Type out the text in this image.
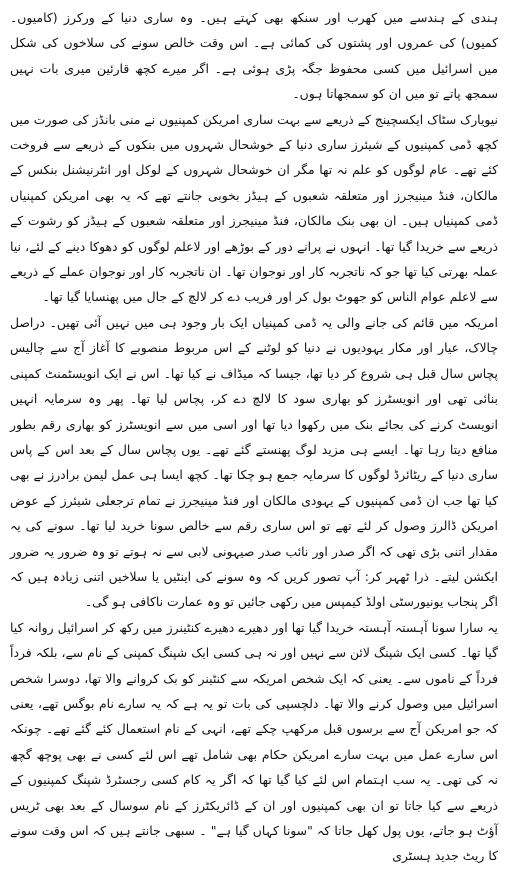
ہندی کے ہندسے میں کھرب اور سنکھ بھی کہتے ہیں۔ وہ ساری دنیا کے ورکرز (کامیوں۔ کمیوں) کی عمروں اور پشتوں کی کمائی ہے۔ اس وقت خالص سونے کی سلاخوں کی شکل میں اسرائیل میں کسی محفوظ جگہ پڑی ہوئی ہے۔ اگر میرے کچھ قارئین میری بات نہیں سمجھ پاتے تو میں ان کو سمجھاتا ہوں۔

نیویارک سٹاک ایکسچینج کے ذریعے سے بہت ساری امریکن کمپنیوں نے منی بانڈز کی صورت میں کچھ ڈمی کمپنیوں کے شیئرز ساری دنیا کے خوشحال شہروں میں بنکوں کے ذریعے سے فروخت کئے تھے۔ عام لوگوں کو علم نہ تھا مگر ان خوشحال شہروں کے لوکل اور انٹرنیشنل بنکس کے مالکان، فنڈ مینیجرز اور متعلقہ شعبوں کے ہیڈز بخوبی جانتے تھے کہ یہ بھی امریکن کمپنیاں ڈمی کمپنیاں ہیں۔ ان بھی بنک مالکان، فنڈ مینیجرز اور متعلقہ شعبوں کے ہیڈز کو رشوت کے ذریعے سے خریدا گیا تھا۔ انہوں نے پرانے دور کے بوڑھے اور لاعلم لوگوں کو دھوکا دینے کے لئے، نیا عملہ بھرتی کیا تھا جو کہ ناتجربہ کار اور نوجوان تھا۔ ان ناتجربہ کار اور نوجوان عملے کے ذریعے سے لاعلم عوام الناس کو جھوٹ بول کر اور فریب دے کر لالچ کے جال میں پھنسایا گیا تھا۔

امریکہ میں قائم کی جانے والی یہ ڈمی کمپنیاں ایک بار وجود ہی میں نہیں آئی تھیں۔ دراصل چالاک، عیار اور مکار یہودیوں نے دنیا کو لوٹنے کے اس مربوط منصوبے کا آغاز آج سے چالیس پچاس سال قبل ہی شروع کر دیا تھا، جیسا کہ میڈاف نے کیا تھا۔ اس نے ایک انویسٹمنٹ کمپنی بنائی تھی اور انویسٹرز کو بھاری سود کا لالچ دے کر، پچاس لیا تھا۔ پھر وہ سرمایہ انہیں انویسٹ کرنے کی بجائے بنک میں رکھوا دیا تھا اور اسی میں سے انویسٹرز کو بھاری رقم بطور منافع دیتا رہا تھا۔ ایسے ہی مزید لوگ پھنستے گئے تھے۔ یوں پچاس سال کے بعد اس کے پاس ساری دنیا کے ریٹائرڈ لوگوں کا سرمایہ جمع ہو چکا تھا۔ کچھ ایسا ہی عمل لیمن برادرز نے بھی کیا تھا جب ان ڈمی کمپنیوں کے یہودی مالکان اور فنڈ مینیجرز نے تمام ترجعلی شیئرز کے عوض امریکن ڈالرز وصول کر لئے تھے تو اس ساری رقم سے خالص سونا خرید لیا تھا۔ سونے کی یہ مقدار اتنی بڑی تھی کہ اگر صدر اور نائب صدر صیہونی لابی سے نہ ہوتے تو وہ ضرور یہ ضرور ایکشن لیتے۔ ذرا ٹھہر کر: آپ تصور کریں کہ وہ سونے کی اینٹیں یا سلاخیں اتنی زیادہ ہیں کہ اگر پنجاب یونیورسٹی اولڈ کیمپس میں رکھی جائیں تو وہ عمارت ناکافی ہو گی۔

یہ سارا سونا آہستہ آہستہ خریدا گیا تھا اور دھیرے دھیرے کنٹینرز میں رکھ کر اسرائیل روانہ کیا گیا تھا۔ کسی ایک شپنگ لائن سے نہیں اور نہ ہی کسی ایک شپنگ کمپنی کے نام سے، بلکہ فرداً فرداً کے ناموں سے۔ یعنی کہ ایک شخص امریکہ سے کنٹینر کو بک کروانے والا تھا، دوسرا شخص اسرائیل میں وصول کرنے والا تھا۔ دلچسپی کی بات تو یہ ہے کہ یہ سارے نام بوگس تھے، یعنی کہ جو امریکن آج سے برسوں قبل مرکھپ چکے تھے، انہی کے نام استعمال کئے گئے تھے۔ چونکہ اس سارے عمل میں بہت سارے امریکن حکام بھی شامل تھے اس لئے کسی نے بھی پوچھ گچھ نہ کی تھی۔ یہ سب اہتمام اس لئے کیا گیا تھا کہ اگر یہ کام کسی رجسٹرڈ شپنگ کمپنیوں کے ذریعے سے کیا جاتا تو ان بھی کمپنیوں اور ان کے ڈائریکٹرز کے نام سوسال کے بعد بھی ٹریس آؤٹ ہو جاتے، یوں پول کھل جاتا کہ "سونا کہاں گیا ہے" ۔ سبھی جانتے ہیں کہ اس وقت سونے کا ریٹ جدید ہسٹری
